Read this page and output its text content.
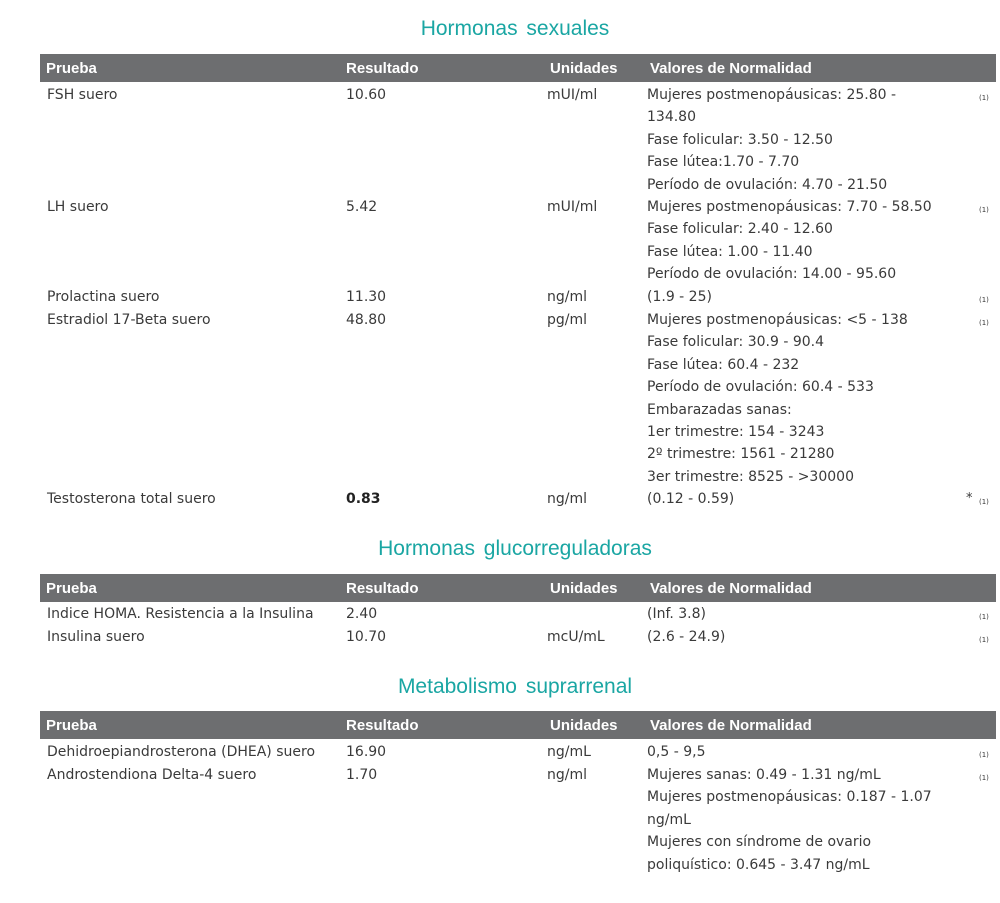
Hormonas sexuales
Prueba	Resultado	Unidades Valores de Normalidad
FSH suero	10.60	mUI/ml	Mujeres postmenopáusicas: 25.80 -
134.80
Fase folicular: 3.50 - 12.50
Fase lútea:1.70 - 7.70
Período de ovulación: 4.70 - 21.50
(1)
LH suero	5.42	mUI/ml	Mujeres postmenopáusicas: 7.70 - 58.50
Fase folicular: 2.40 - 12.60
Fase lútea: 1.00 - 11.40
Período de ovulación: 14.00 - 95.60
(1)
Prolactina suero	11.30	ng/ml	(1.9 - 25)	(1)
Estradiol 17-Beta suero	48.80	pg/ml	Mujeres postmenopáusicas: <5 - 138
Fase folicular: 30.9 - 90.4
Fase lútea: 60.4 - 232
Período de ovulación: 60.4 - 533
Embarazadas sanas:
1er trimestre: 154 - 3243
2º trimestre: 1561 - 21280
3er trimestre: 8525 - >30000
(1)
Testosterona total suero	0.83	ng/ml	(0.12 - 0.59)	* (1)
Hormonas glucorreguladoras
Prueba	Resultado	Unidades Valores de Normalidad
Indice HOMA. Resistencia a la Insulina 2.40	(Inf. 3.8)	(1)
Insulina suero	10.70	mcU/mL	(2.6 - 24.9)	(1)
Metabolismo suprarrenal
Prueba	Resultado	Unidades Valores de Normalidad
Dehidroepiandrosterona (DHEA) suero 16.90	ng/mL	0,5 - 9,5	(1)
Androstendiona Delta-4 suero	1.70	ng/ml	Mujeres sanas: 0.49 - 1.31 ng/mL
Mujeres postmenopáusicas: 0.187 - 1.07
ng/mL
Mujeres con síndrome de ovario
poliquístico: 0.645 - 3.47 ng/mL
(1)
